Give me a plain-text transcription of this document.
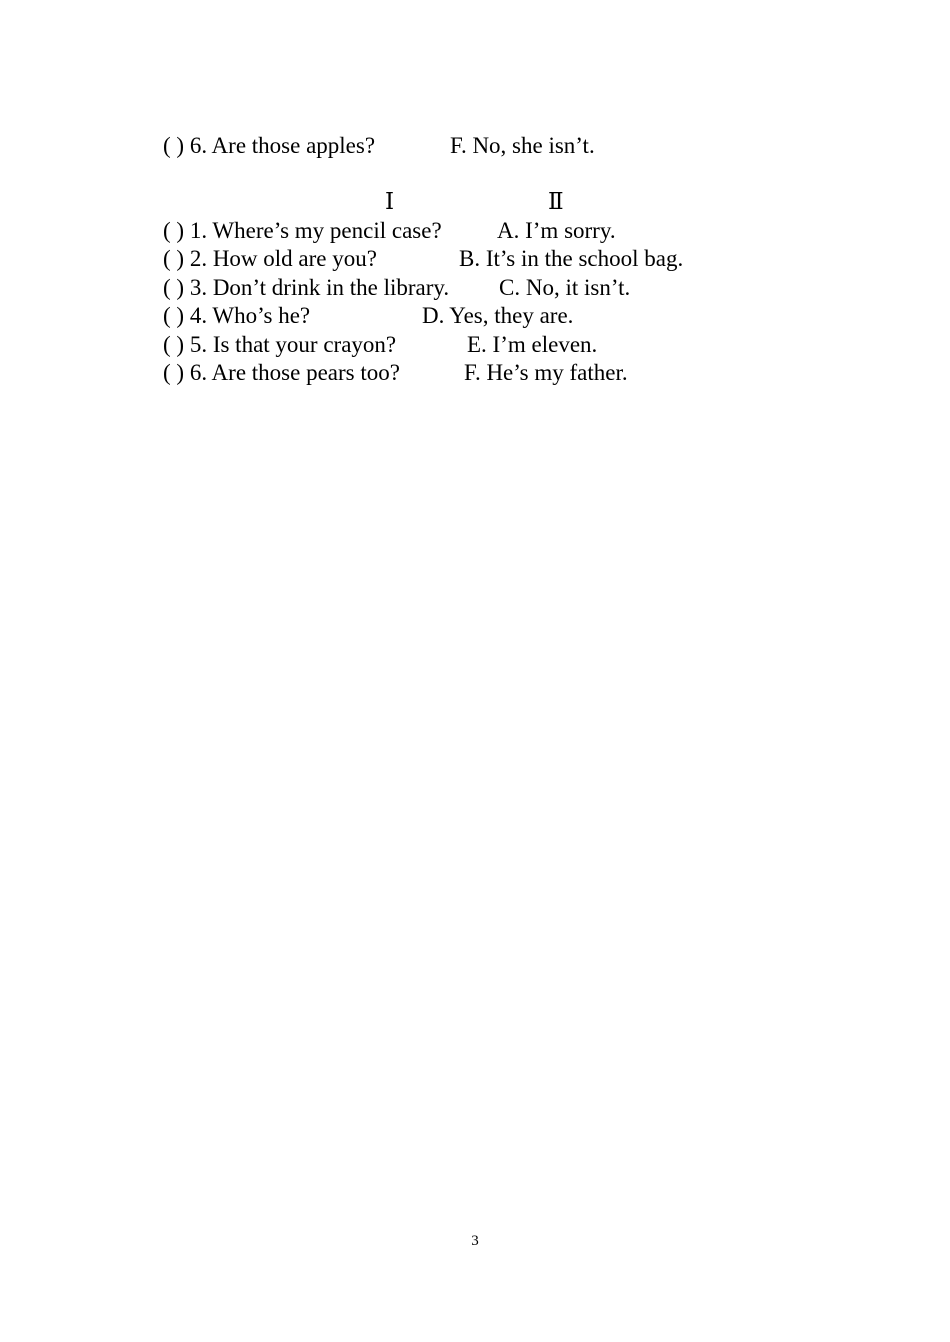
( ) 6. Are those apples?	F. No, she isn’t.
Ⅰ	Ⅱ
( ) 1. Where’s my pencil case? A. I’m sorry.
( ) 2. How old are you?	B. It’s in the school bag.
( ) 3. Don’t drink in the library. C. No, it isn’t.
( ) 4. Who’s he?	D. Yes, they are.
( ) 5. Is that your crayon?	E. I’m eleven.
( ) 6. Are those pears too?	F. He’s my father.
3
